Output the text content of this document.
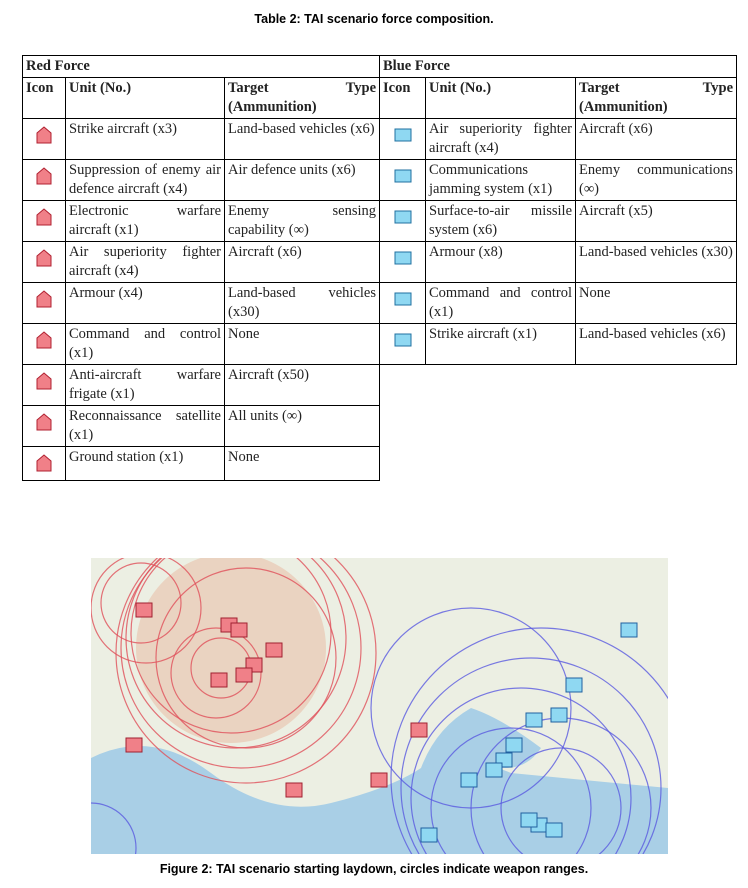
Table 2: TAI scenario force composition.
Red Force			Blue Force		
Icon	Unit (No.)	Target Type (Ammunition)	Icon	Unit (No.)	Target Type (Ammunition)
	Strike aircraft (x3)	Land-based vehicles (x6)		Air superiority fighter aircraft (x4)	Aircraft (x6)
	Suppression of enemy air defence aircraft (x4)	Air defence units (x6)		Communications jamming system (x1)	Enemy communications (∞)
	Electronic warfare aircraft (x1)	Enemy sensing capability (∞)		Surface-to-air missile system (x6)	Aircraft (x5)
	Air superiority fighter aircraft (x4)	Aircraft (x6)		Armour (x8)	Land-based vehicles (x30)
	Armour (x4)	Land-based vehicles (x30)		Command and control (x1)	None
	Command and control (x1)	None		Strike aircraft (x1)	Land-based vehicles (x6)
	Anti-aircraft warfare frigate (x1)	Aircraft (x50)			
	Reconnaissance satellite (x1)	All units (∞)			
	Ground station (x1)	None			
Figure 2: TAI scenario starting laydown, circles indicate weapon ranges.
